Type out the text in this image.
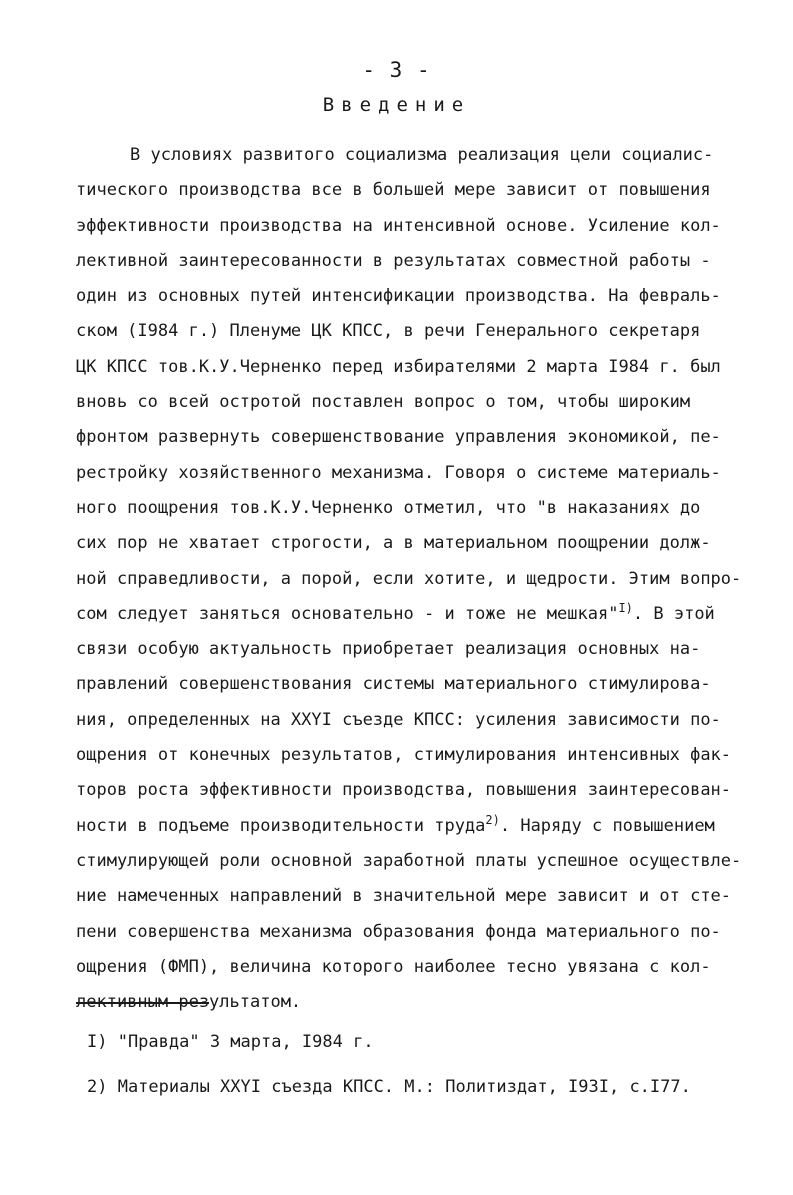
- 3 -
Введение
В условиях развитого социализма реализация цели социалис-
тического производства все в большей мере зависит от повышения
эффективности производства на интенсивной основе. Усиление кол-
лективной заинтересованности в результатах совместной работы -
один из основных путей интенсификации производства. На февраль-
ском (I984 г.) Пленуме ЦК КПСС, в речи Генерального секретаря
ЦК КПСС тов.К.У.Черненко перед избирателями 2 марта I984 г. был
вновь со всей остротой поставлен вопрос о том, чтобы широким
фронтом развернуть совершенствование управления экономикой, пе-
рестройку хозяйственного механизма. Говоря о системе материаль-
ного поощрения тов.К.У.Черненко отметил, что "в наказаниях до
сих пор не хватает строгости, а в материальном поощрении долж-
ной справедливости, а порой, если хотите, и щедрости. Этим вопро-
сом следует заняться основательно - и тоже не мешкая"$^{I)}$. В этой
связи особую актуальность приобретает реализация основных на-
правлений совершенствования системы материального стимулирова-
ния, определенных на XXYI съезде КПСС: усиления зависимости по-
ощрения от конечных результатов, стимулирования интенсивных фак-
торов роста эффективности производства, повышения заинтересован-
ности в подъеме производительности труда$^{2)}$. Наряду с повышением
стимулирующей роли основной заработной платы успешное осуществле-
ние намеченных направлений в значительной мере зависит и от сте-
пени совершенства механизма образования фонда материального по-
ощрения (ФМП), величина которого наиболее тесно увязана с кол-
лективным результатом.
I) "Правда" 3 марта, I984 г.
2) Материалы XXYI съезда КПСС. М.: Политиздат, I93I, с.I77.
